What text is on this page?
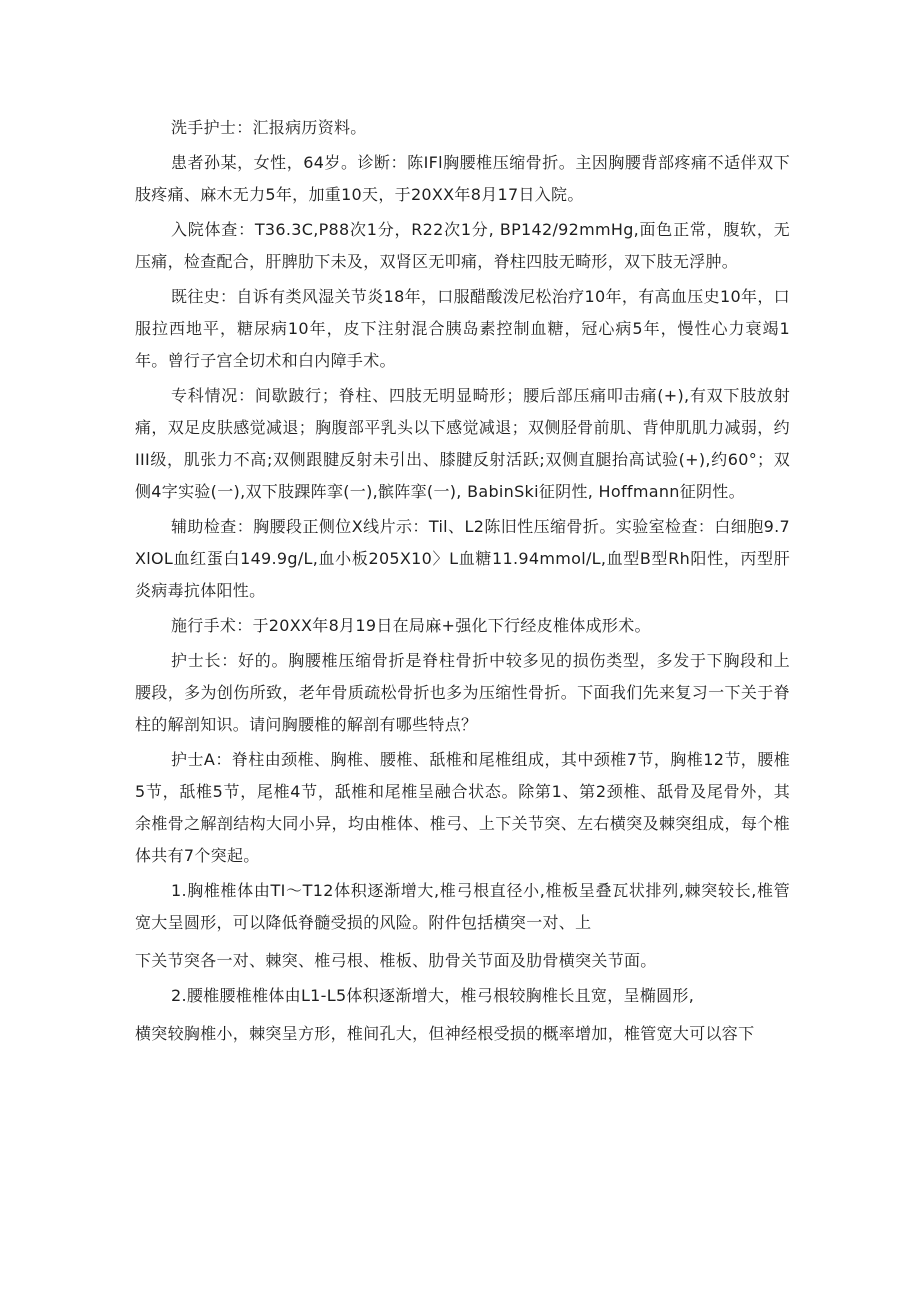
洗手护士：汇报病历资料。

患者孙某，女性，64岁。诊断：陈IFl胸腰椎压缩骨折。主因胸腰背部疼痛不适伴双下肢疼痛、麻木无力5年，加重10天，于20XX年8月17日入院。

入院体查：T36.3C,P88次1分，R22次1分, BP142∕92mmHg,面色正常，腹软，无压痛，检查配合，肝脾肋下未及，双肾区无叩痛，脊柱四肢无畸形，双下肢无浮肿。

既往史：自诉有类风湿关节炎18年，口服醋酸泼尼松治疗10年，有高血压史10年，口服拉西地平，糖尿病10年，皮下注射混合胰岛素控制血糖，冠心病5年，慢性心力衰竭1年。曾行子宫全切术和白内障手术。

专科情况：间歇跛行；脊柱、四肢无明显畸形；腰后部压痛叩击痛(+),有双下肢放射痛，双足皮肤感觉减退；胸腹部平乳头以下感觉减退；双侧胫骨前肌、背伸肌肌力减弱，约III级，肌张力不高;双侧跟腱反射未引出、膝腱反射活跃;双侧直腿抬高试验(+),约60°；双侧4字实验(一),双下肢踝阵挛(一),髌阵挛(一), BabinSki征阴性, Hoffmann征阴性。

辅助检查：胸腰段正侧位X线片示：Til、L2陈旧性压缩骨折。实验室检查：白细胞9.7XlOL血红蛋白149.9g∕L,血小板205X10〉L血糖11.94mmol∕L,血型B型Rh阳性，丙型肝炎病毒抗体阳性。

施行手术：于20XX年8月19日在局麻+强化下行经皮椎体成形术。

护士长：好的。胸腰椎压缩骨折是脊柱骨折中较多见的损伤类型，多发于下胸段和上腰段，多为创伤所致，老年骨质疏松骨折也多为压缩性骨折。下面我们先来复习一下关于脊柱的解剖知识。请问胸腰椎的解剖有哪些特点？

护士A：脊柱由颈椎、胸椎、腰椎、舐椎和尾椎组成，其中颈椎7节，胸椎12节，腰椎5节，舐椎5节，尾椎4节，舐椎和尾椎呈融合状态。除第1、第2颈椎、舐骨及尾骨外，其余椎骨之解剖结构大同小异，均由椎体、椎弓、上下关节突、左右横突及棘突组成，每个椎体共有7个突起。

1.胸椎椎体由TI〜T12体积逐渐增大,椎弓根直径小,椎板呈叠瓦状排列,棘突较长,椎管宽大呈圆形，可以降低脊髓受损的风险。附件包括横突一对、上

下关节突各一对、棘突、椎弓根、椎板、肋骨关节面及肋骨横突关节面。

2.腰椎腰椎椎体由L1-L5体积逐渐增大，椎弓根较胸椎长且宽，呈椭圆形,

横突较胸椎小，棘突呈方形，椎间孔大，但神经根受损的概率增加，椎管宽大可以容下
